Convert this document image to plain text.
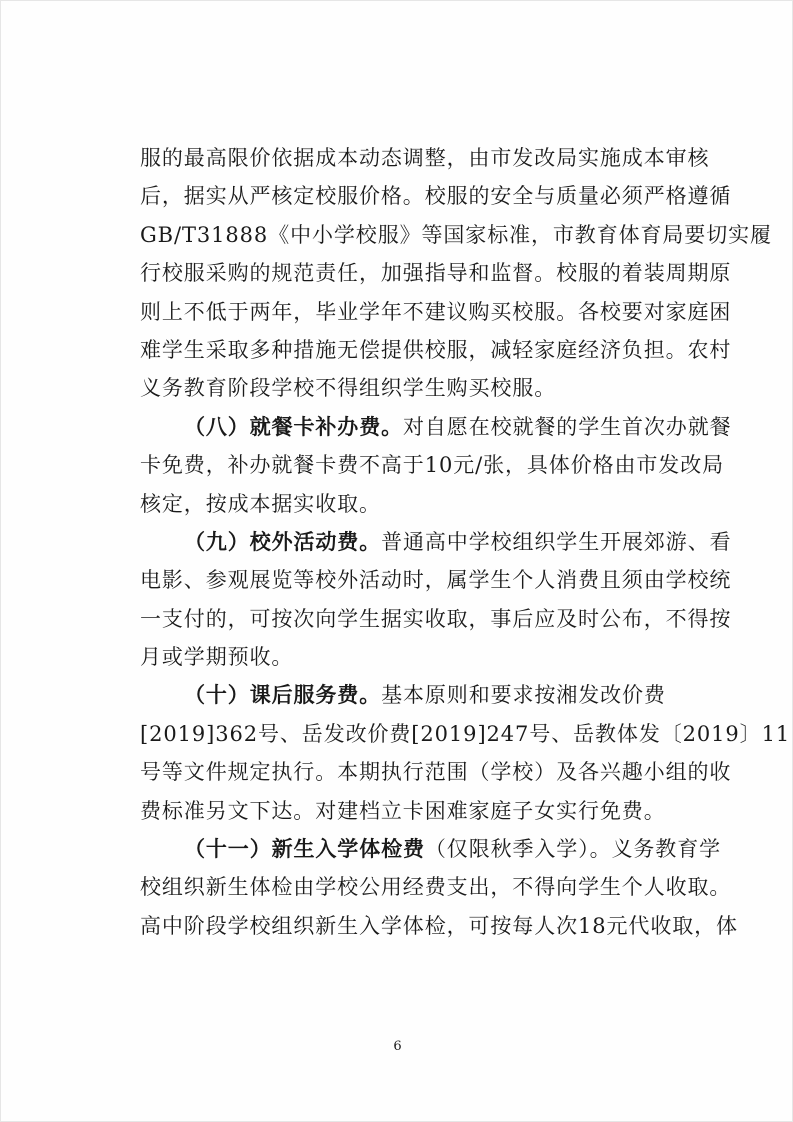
服的最高限价依据成本动态调整，由市发改局实施成本审核
后，据实从严核定校服价格。校服的安全与质量必须严格遵循
GB/T31888《中小学校服》等国家标准，市教育体育局要切实履
行校服采购的规范责任，加强指导和监督。校服的着装周期原
则上不低于两年，毕业学年不建议购买校服。各校要对家庭困
难学生采取多种措施无偿提供校服，减轻家庭经济负担。农村
义务教育阶段学校不得组织学生购买校服。
（八）就餐卡补办费。对自愿在校就餐的学生首次办就餐
卡免费，补办就餐卡费不高于10元/张，具体价格由市发改局
核定，按成本据实收取。
（九）校外活动费。普通高中学校组织学生开展郊游、看
电影、参观展览等校外活动时，属学生个人消费且须由学校统
一支付的，可按次向学生据实收取，事后应及时公布，不得按
月或学期预收。
（十）课后服务费。基本原则和要求按湘发改价费
[2019]362号、岳发改价费[2019]247号、岳教体发〔2019〕11
号等文件规定执行。本期执行范围（学校）及各兴趣小组的收
费标准另文下达。对建档立卡困难家庭子女实行免费。
（十一）新生入学体检费（仅限秋季入学）。义务教育学
校组织新生体检由学校公用经费支出，不得向学生个人收取。
高中阶段学校组织新生入学体检，可按每人次18元代收取，体
6
